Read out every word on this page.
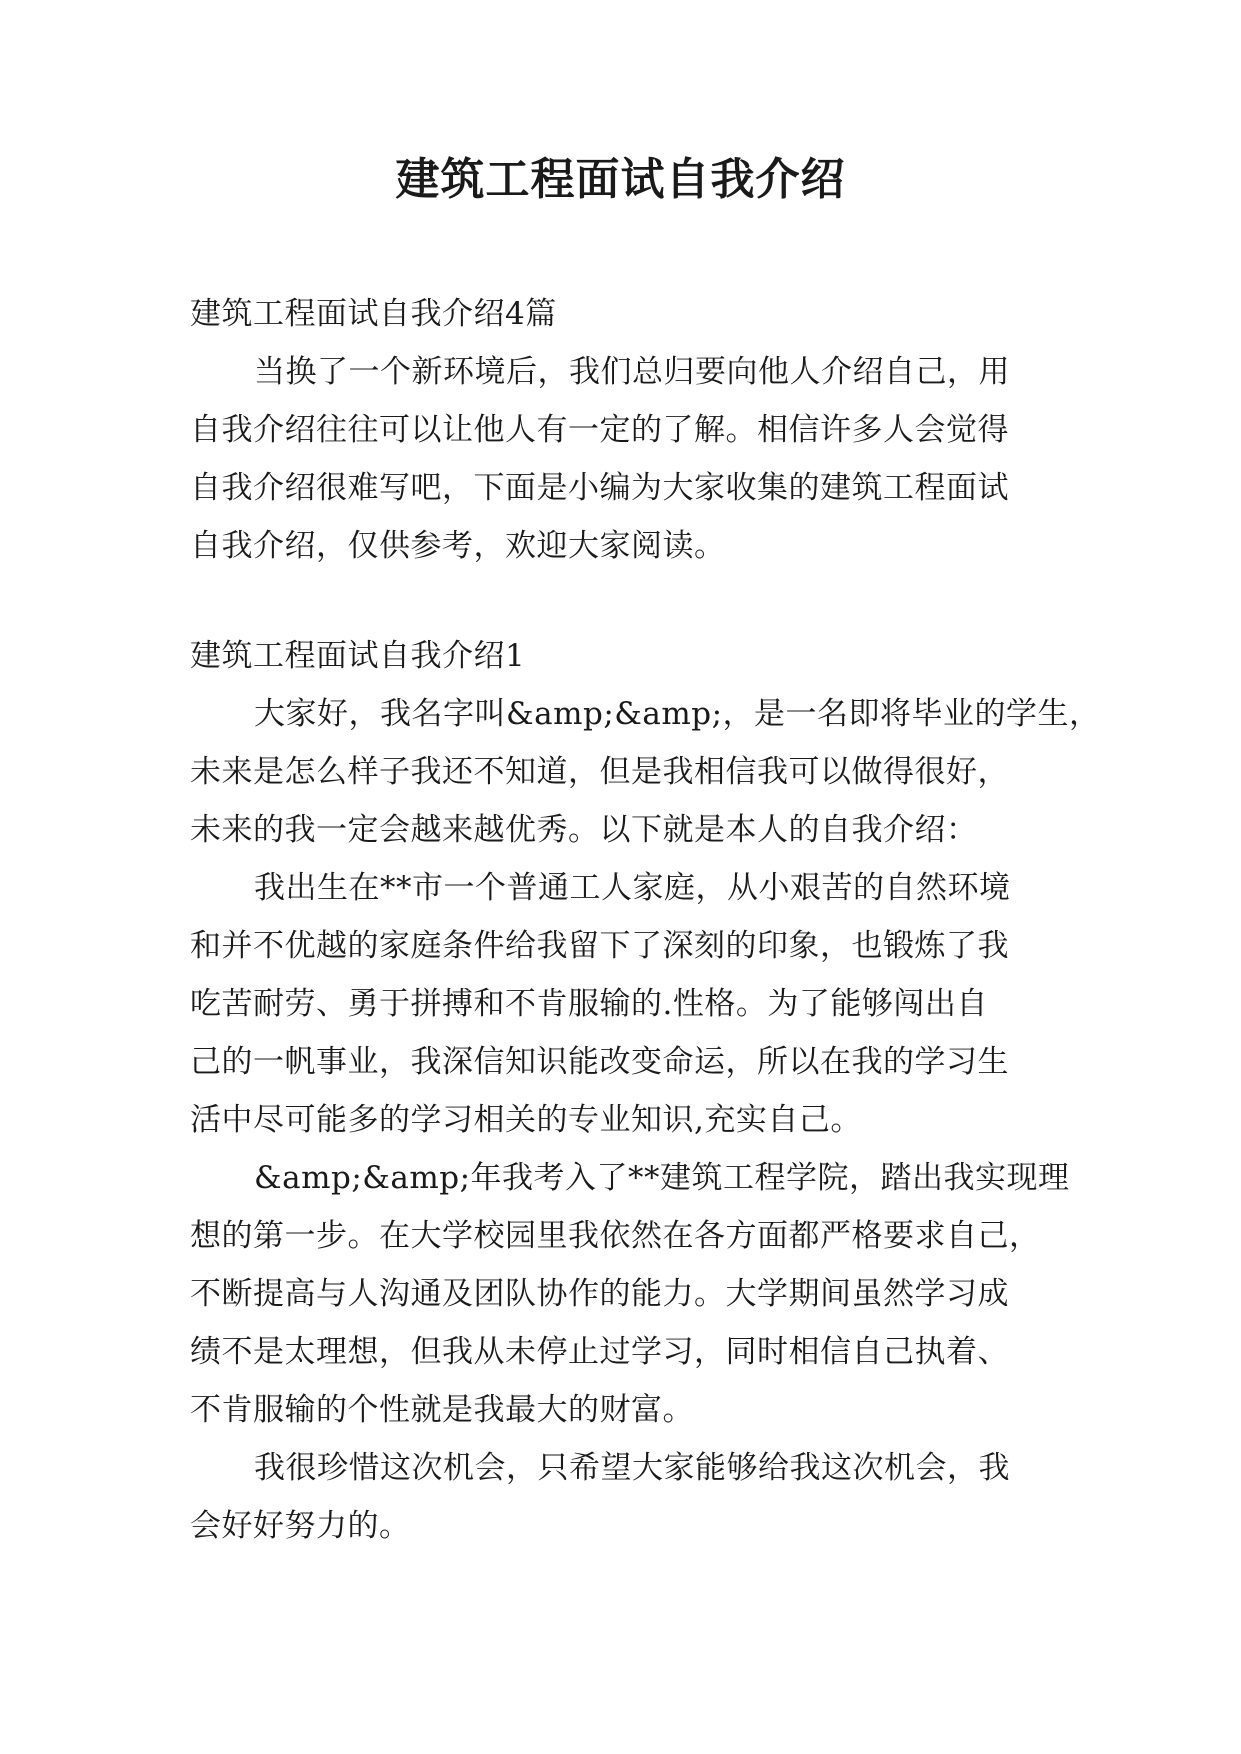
建筑工程面试自我介绍
建筑工程面试自我介绍4篇
当换了一个新环境后，我们总归要向他人介绍自己，用
自我介绍往往可以让他人有一定的了解。相信许多人会觉得
自我介绍很难写吧，下面是小编为大家收集的建筑工程面试
自我介绍，仅供参考，欢迎大家阅读。
建筑工程面试自我介绍1
大家好，我名字叫&amp;&amp;，是一名即将毕业的学生，
未来是怎么样子我还不知道，但是我相信我可以做得很好，
未来的我一定会越来越优秀。以下就是本人的自我介绍：
我出生在**市一个普通工人家庭，从小艰苦的自然环境
和并不优越的家庭条件给我留下了深刻的印象，也锻炼了我
吃苦耐劳、勇于拼搏和不肯服输的.性格。为了能够闯出自
己的一帆事业，我深信知识能改变命运，所以在我的学习生
活中尽可能多的学习相关的专业知识,充实自己。
&amp;&amp;年我考入了**建筑工程学院，踏出我实现理
想的第一步。在大学校园里我依然在各方面都严格要求自己，
不断提高与人沟通及团队协作的能力。大学期间虽然学习成
绩不是太理想，但我从未停止过学习，同时相信自己执着、
不肯服输的个性就是我最大的财富。
我很珍惜这次机会，只希望大家能够给我这次机会，我
会好好努力的。
